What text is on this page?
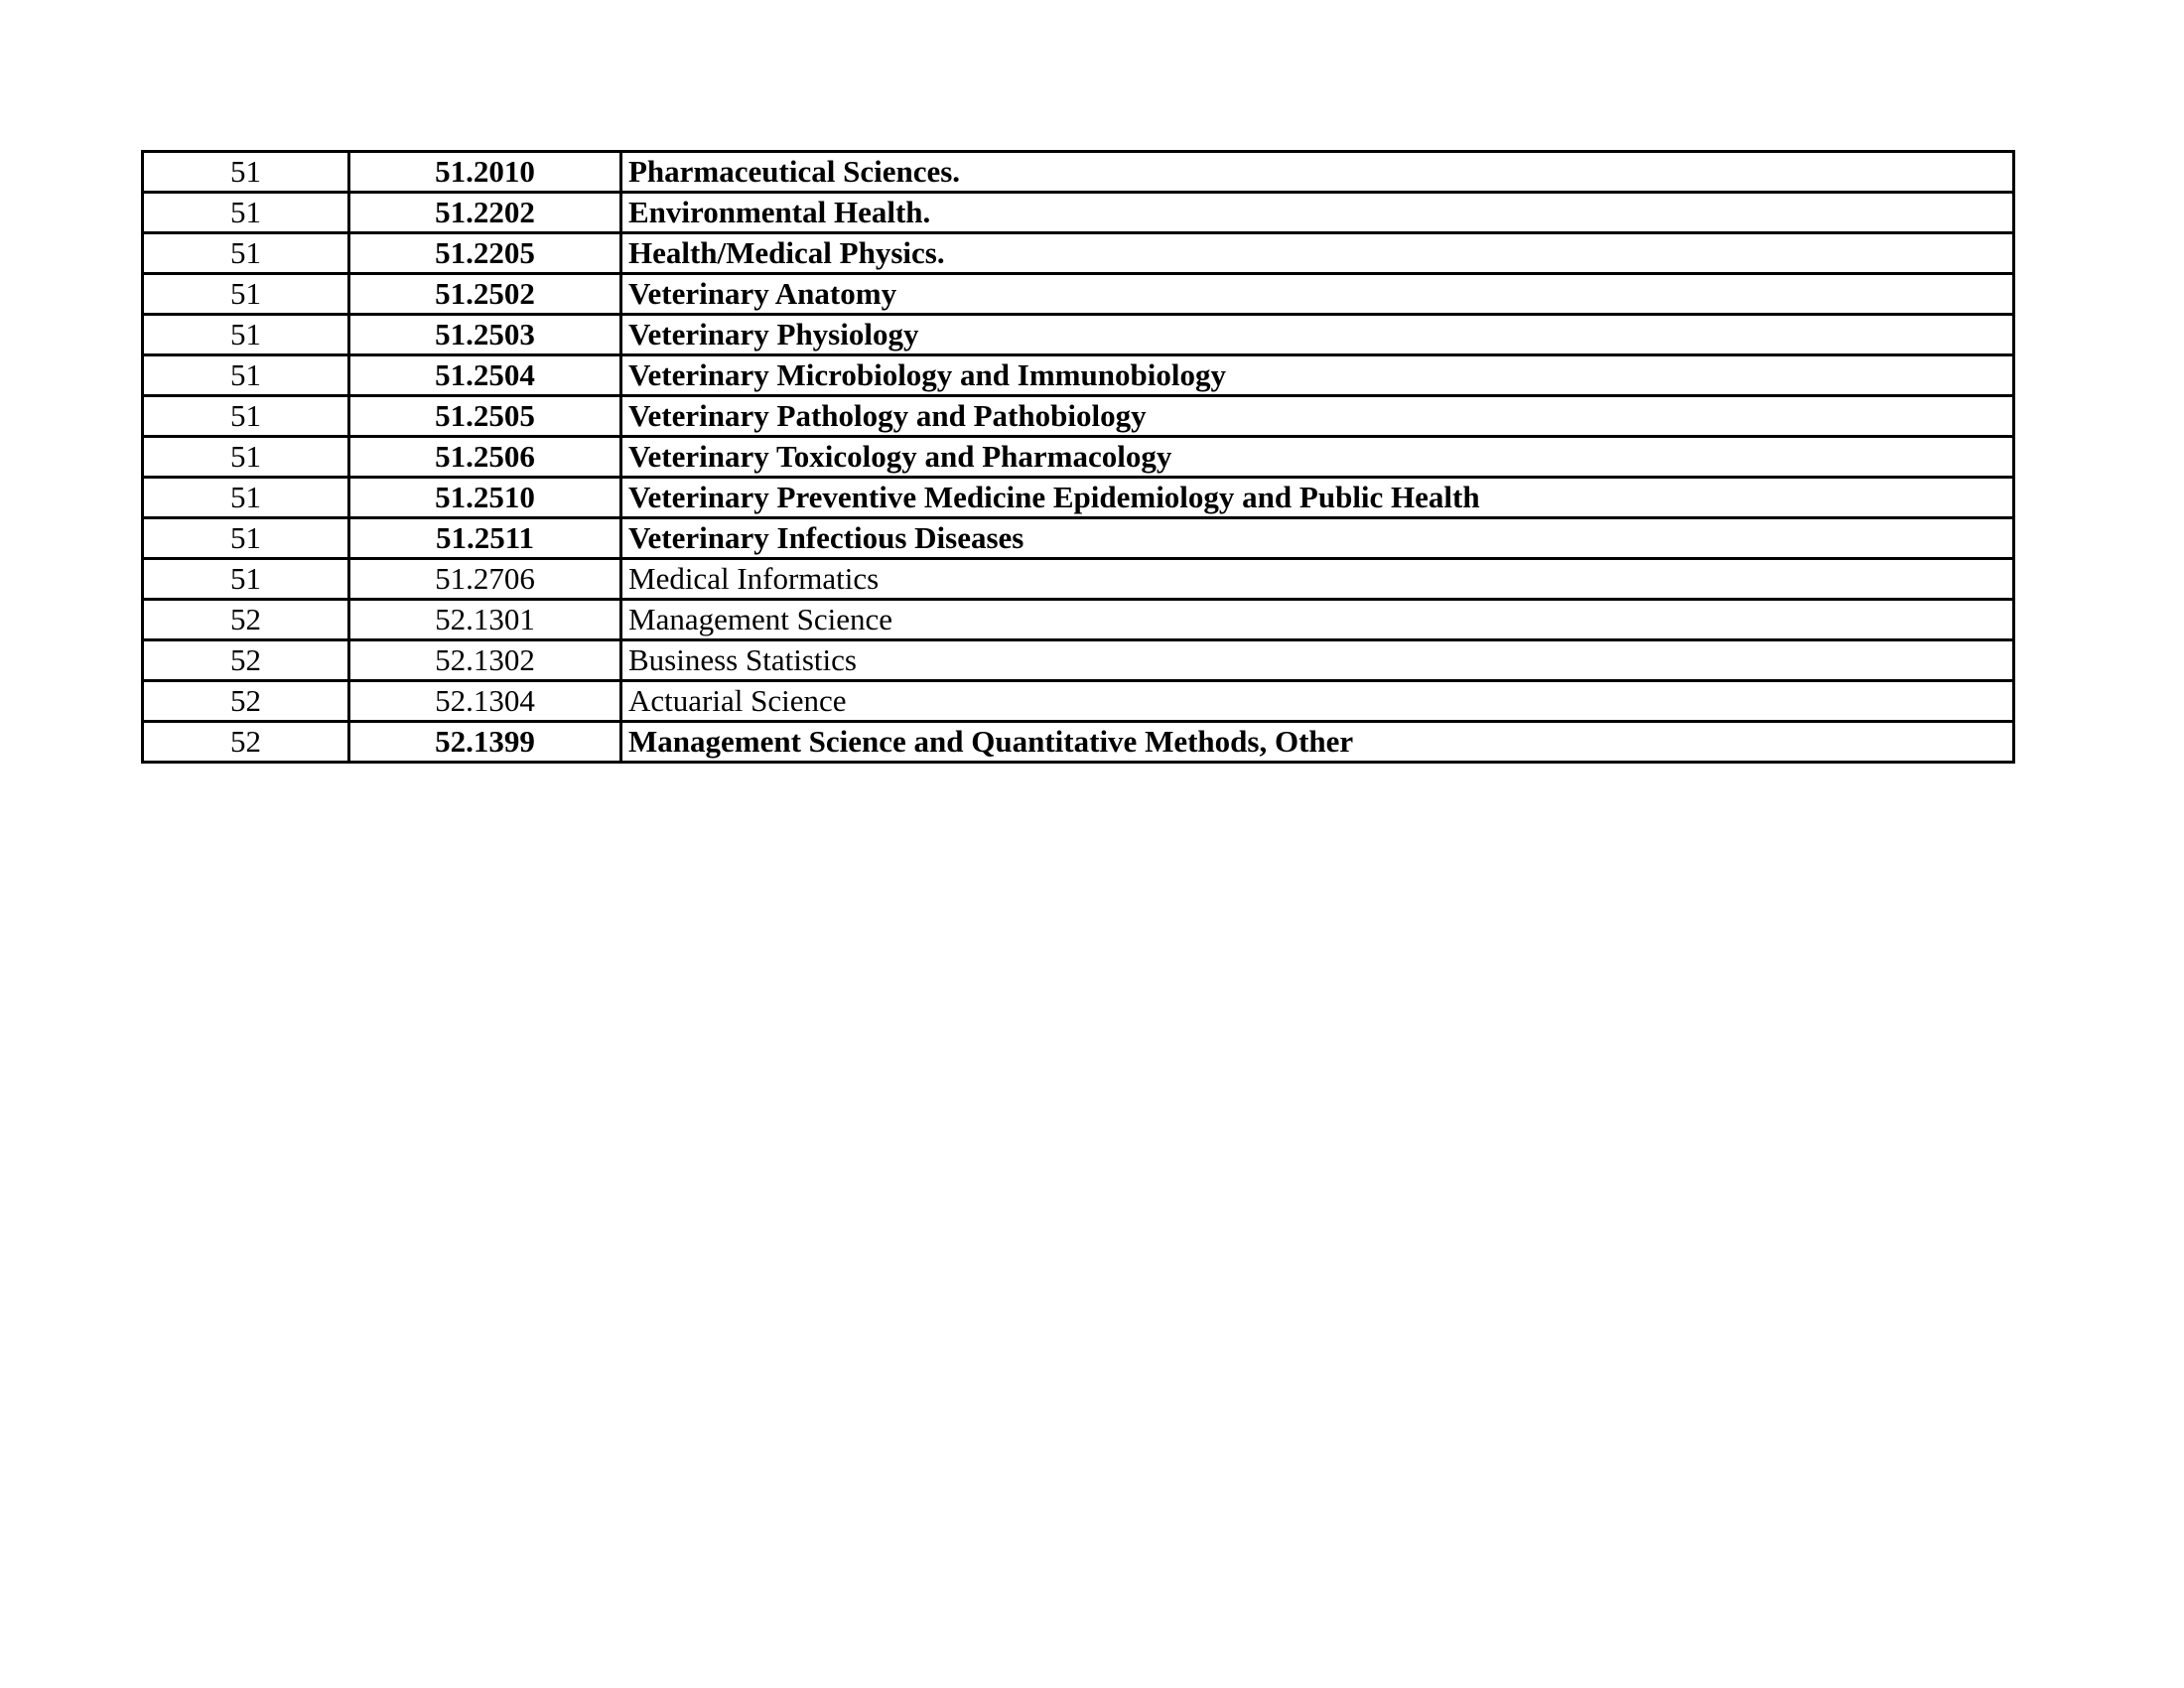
51	51.2010	Pharmaceutical Sciences.
51	51.2202	Environmental Health.
51	51.2205	Health/Medical Physics.
51	51.2502	Veterinary Anatomy
51	51.2503	Veterinary Physiology
51	51.2504	Veterinary Microbiology and Immunobiology
51	51.2505	Veterinary Pathology and Pathobiology
51	51.2506	Veterinary Toxicology and Pharmacology
51	51.2510	Veterinary Preventive Medicine Epidemiology and Public Health
51	51.2511	Veterinary Infectious Diseases
51	51.2706	Medical Informatics
52	52.1301	Management Science
52	52.1302	Business Statistics
52	52.1304	Actuarial Science
52	52.1399	Management Science and Quantitative Methods, Other
